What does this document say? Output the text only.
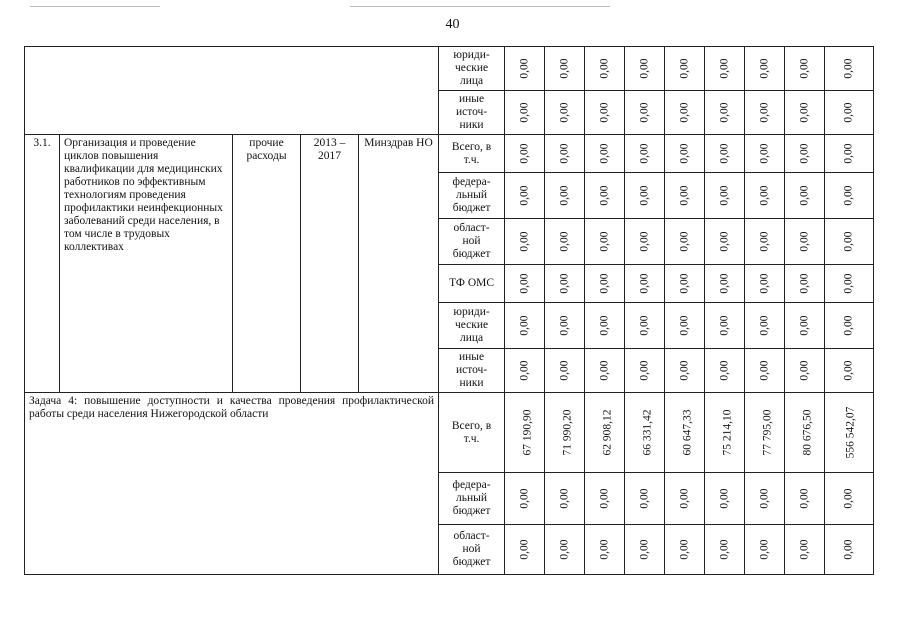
40
					юриди-
ческие
лица	0,00	0,00	0,00	0,00	0,00	0,00	0,00	0,00	0,00
					иные
источ-
ники	0,00	0,00	0,00	0,00	0,00	0,00	0,00	0,00	0,00
3.1.	Организация и проведение циклов повышения квалификации для медицинских работников по эффективным технологиям проведения профилактики неинфекционных заболеваний среди населения, в том числе в трудовых коллективах	прочие расходы	2013 – 2017	Минздрав НО	Всего, в
т.ч.	0,00	0,00	0,00	0,00	0,00	0,00	0,00	0,00	0,00
					федера-
льный
бюджет	0,00	0,00	0,00	0,00	0,00	0,00	0,00	0,00	0,00
					област-
ной
бюджет	0,00	0,00	0,00	0,00	0,00	0,00	0,00	0,00	0,00
					ТФ ОМС	0,00	0,00	0,00	0,00	0,00	0,00	0,00	0,00	0,00
					юриди-
ческие
лица	0,00	0,00	0,00	0,00	0,00	0,00	0,00	0,00	0,00
					иные
источ-
ники	0,00	0,00	0,00	0,00	0,00	0,00	0,00	0,00	0,00
Задача 4: повышение доступности и качества проведения профилактической работы среди населения Нижегородской области					Всего, в
т.ч.	67 190,90	71 990,20	62 908,12	66 331,42	60 647,33	75 214,10	77 795,00	80 676,50	556 542,07
					федера-
льный
бюджет	0,00	0,00	0,00	0,00	0,00	0,00	0,00	0,00	0,00
					област-
ной
бюджет	0,00	0,00	0,00	0,00	0,00	0,00	0,00	0,00	0,00
